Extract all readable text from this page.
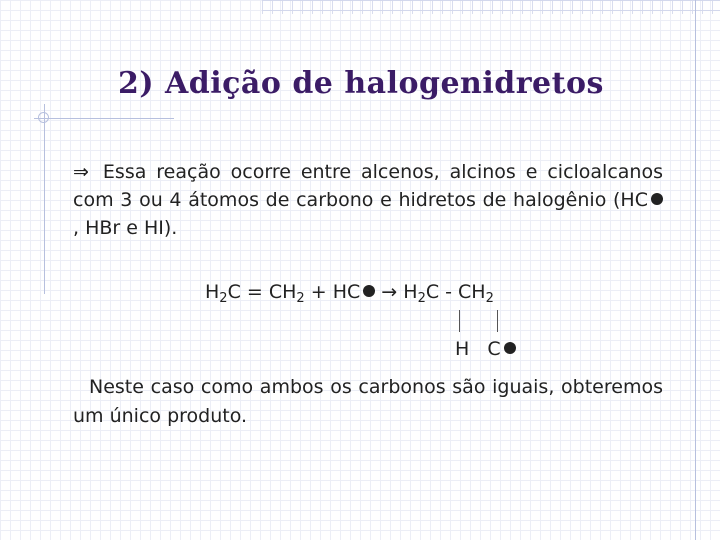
2) Adição de halogenidretos
⇒ Essa reação ocorre entre alcenos, alcinos e cicloalcanos com 3 ou 4 átomos de carbono e hidretos de halogênio (HC , HBr e HI).
$H_2C = CH_2$ + HC → $H_2C - CH_2$
H C
Neste caso como ambos os carbonos são iguais, obteremos um único produto.
